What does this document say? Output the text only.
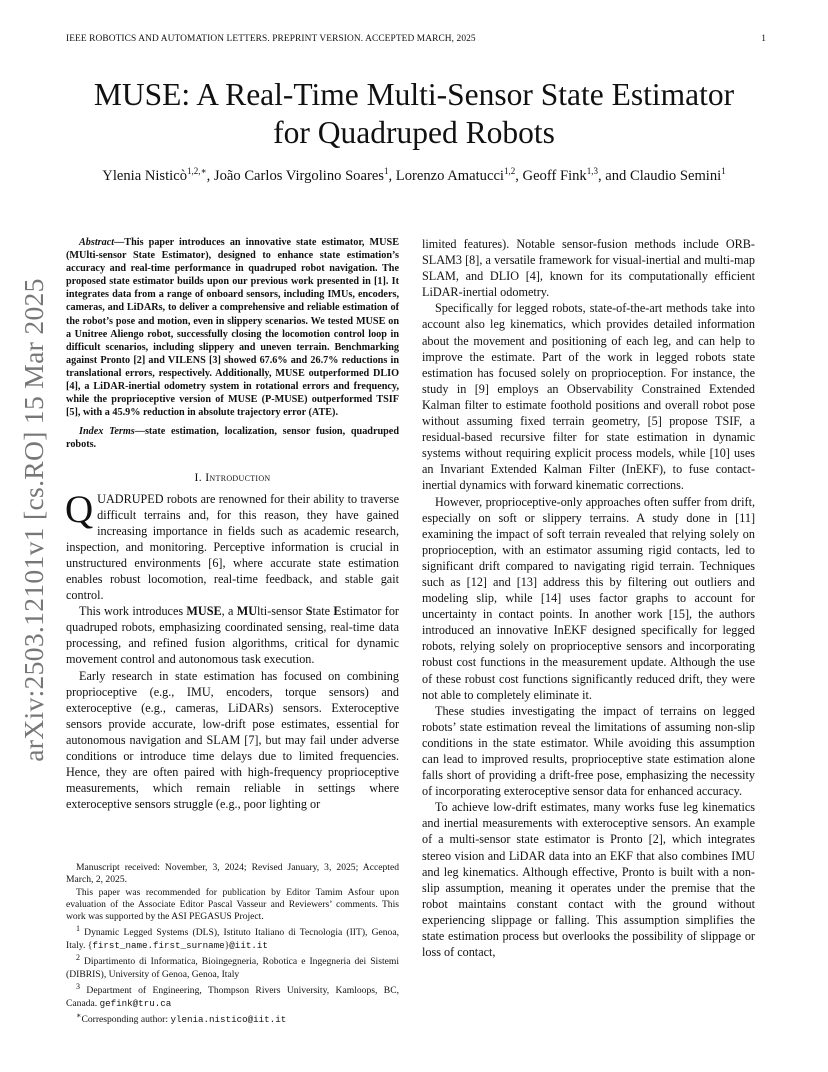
IEEE ROBOTICS AND AUTOMATION LETTERS. PREPRINT VERSION. ACCEPTED MARCH, 2025	1
arXiv:2503.12101v1 [cs.RO] 15 Mar 2025
MUSE: A Real-Time Multi-Sensor State Estimator
for Quadruped Robots
Ylenia Nisticò$^{1,2,∗}$, João Carlos Virgolino Soares$^1$, Lorenzo Amatucci$^{1,2}$, Geoff Fink$^{1,3}$, and Claudio Semini$^1$

Abstract—This paper introduces an innovative state estimator, MUSE (MUlti-sensor State Estimator), designed to enhance state estimation’s accuracy and real-time performance in quadruped robot navigation. The proposed state estimator builds upon our previous work presented in [1]. It integrates data from a range of onboard sensors, including IMUs, encoders, cameras, and LiDARs, to deliver a comprehensive and reliable estimation of the robot’s pose and motion, even in slippery scenarios. We tested MUSE on a Unitree Aliengo robot, successfully closing the locomotion control loop in difficult scenarios, including slippery and uneven terrain. Benchmarking against Pronto [2] and VILENS [3] showed 67.6% and 26.7% reductions in translational errors, respectively. Additionally, MUSE outperformed DLIO [4], a LiDAR-inertial odometry system in rotational errors and frequency, while the proprioceptive version of MUSE (P-MUSE) outperformed TSIF [5], with a 45.9% reduction in absolute trajectory error (ATE).

Index Terms—state estimation, localization, sensor fusion, quadruped robots.

I. Introduction

QUADRUPED robots are renowned for their ability to traverse difficult terrains and, for this reason, they have gained increasing importance in fields such as academic research, inspection, and monitoring. Perceptive information is crucial in unstructured environments [6], where accurate state estimation enables robust locomotion, real-time feedback, and stable gait control.

This work introduces MUSE, a MUlti-sensor State Estimator for quadruped robots, emphasizing coordinated sensing, real-time data processing, and refined fusion algorithms, critical for dynamic movement control and autonomous task execution.

Early research in state estimation has focused on combining proprioceptive (e.g., IMU, encoders, torque sensors) and exteroceptive (e.g., cameras, LiDARs) sensors. Exteroceptive sensors provide accurate, low-drift pose estimates, essential for autonomous navigation and SLAM [7], but may fail under adverse conditions or introduce time delays due to limited frequencies. Hence, they are often paired with high-frequency proprioceptive measurements, which remain reliable in settings where exteroceptive sensors struggle (e.g., poor lighting or

Manuscript received: November, 3, 2024; Revised January, 3, 2025; Accepted March, 2, 2025.

This paper was recommended for publication by Editor Tamim Asfour upon evaluation of the Associate Editor Pascal Vasseur and Reviewers’ comments. This work was supported by the ASI PEGASUS Project.

$^1$ Dynamic Legged Systems (DLS), Istituto Italiano di Tecnologia (IIT), Genoa, Italy. {first_name.first_surname}@iit.it

$^2$ Dipartimento di Informatica, Bioingegneria, Robotica e Ingegneria dei Sistemi (DIBRIS), University of Genoa, Genoa, Italy

$^3$ Department of Engineering, Thompson Rivers University, Kamloops, BC, Canada. gefink@tru.ca

∗Corresponding author: ylenia.nistico@iit.it

limited features). Notable sensor-fusion methods include ORB-SLAM3 [8], a versatile framework for visual-inertial and multi-map SLAM, and DLIO [4], known for its computationally efficient LiDAR-inertial odometry.

Specifically for legged robots, state-of-the-art methods take into account also leg kinematics, which provides detailed information about the movement and positioning of each leg, and can help to improve the estimate. Part of the work in legged robots state estimation has focused solely on proprioception. For instance, the study in [9] employs an Observability Constrained Extended Kalman filter to estimate foothold positions and overall robot pose without assuming fixed terrain geometry, [5] propose TSIF, a residual-based recursive filter for state estimation in dynamic systems without requiring explicit process models, while [10] uses an Invariant Extended Kalman Filter (InEKF), to fuse contact-inertial dynamics with forward kinematic corrections.

However, proprioceptive-only approaches often suffer from drift, especially on soft or slippery terrains. A study done in [11] examining the impact of soft terrain revealed that relying solely on proprioception, with an estimator assuming rigid contacts, led to significant drift compared to navigating rigid terrain. Techniques such as [12] and [13] address this by filtering out outliers and modeling slip, while [14] uses factor graphs to account for uncertainty in contact points. In another work [15], the authors introduced an innovative InEKF designed specifically for legged robots, relying solely on proprioceptive sensors and incorporating robust cost functions in the measurement update. Although the use of these robust cost functions significantly reduced drift, they were not able to completely eliminate it.

These studies investigating the impact of terrains on legged robots’ state estimation reveal the limitations of assuming non-slip conditions in the state estimator. While avoiding this assumption can lead to improved results, proprioceptive state estimation alone falls short of providing a drift-free pose, emphasizing the necessity of incorporating exteroceptive sensor data for enhanced accuracy.

To achieve low-drift estimates, many works fuse leg kinematics and inertial measurements with exteroceptive sensors. An example of a multi-sensor state estimator is Pronto [2], which integrates stereo vision and LiDAR data into an EKF that also combines IMU and leg kinematics. Although effective, Pronto is built with a non-slip assumption, meaning it operates under the premise that the robot maintains constant contact with the ground without experiencing slippage or falling. This assumption simplifies the state estimation process but overlooks the possibility of slippage or loss of contact,
